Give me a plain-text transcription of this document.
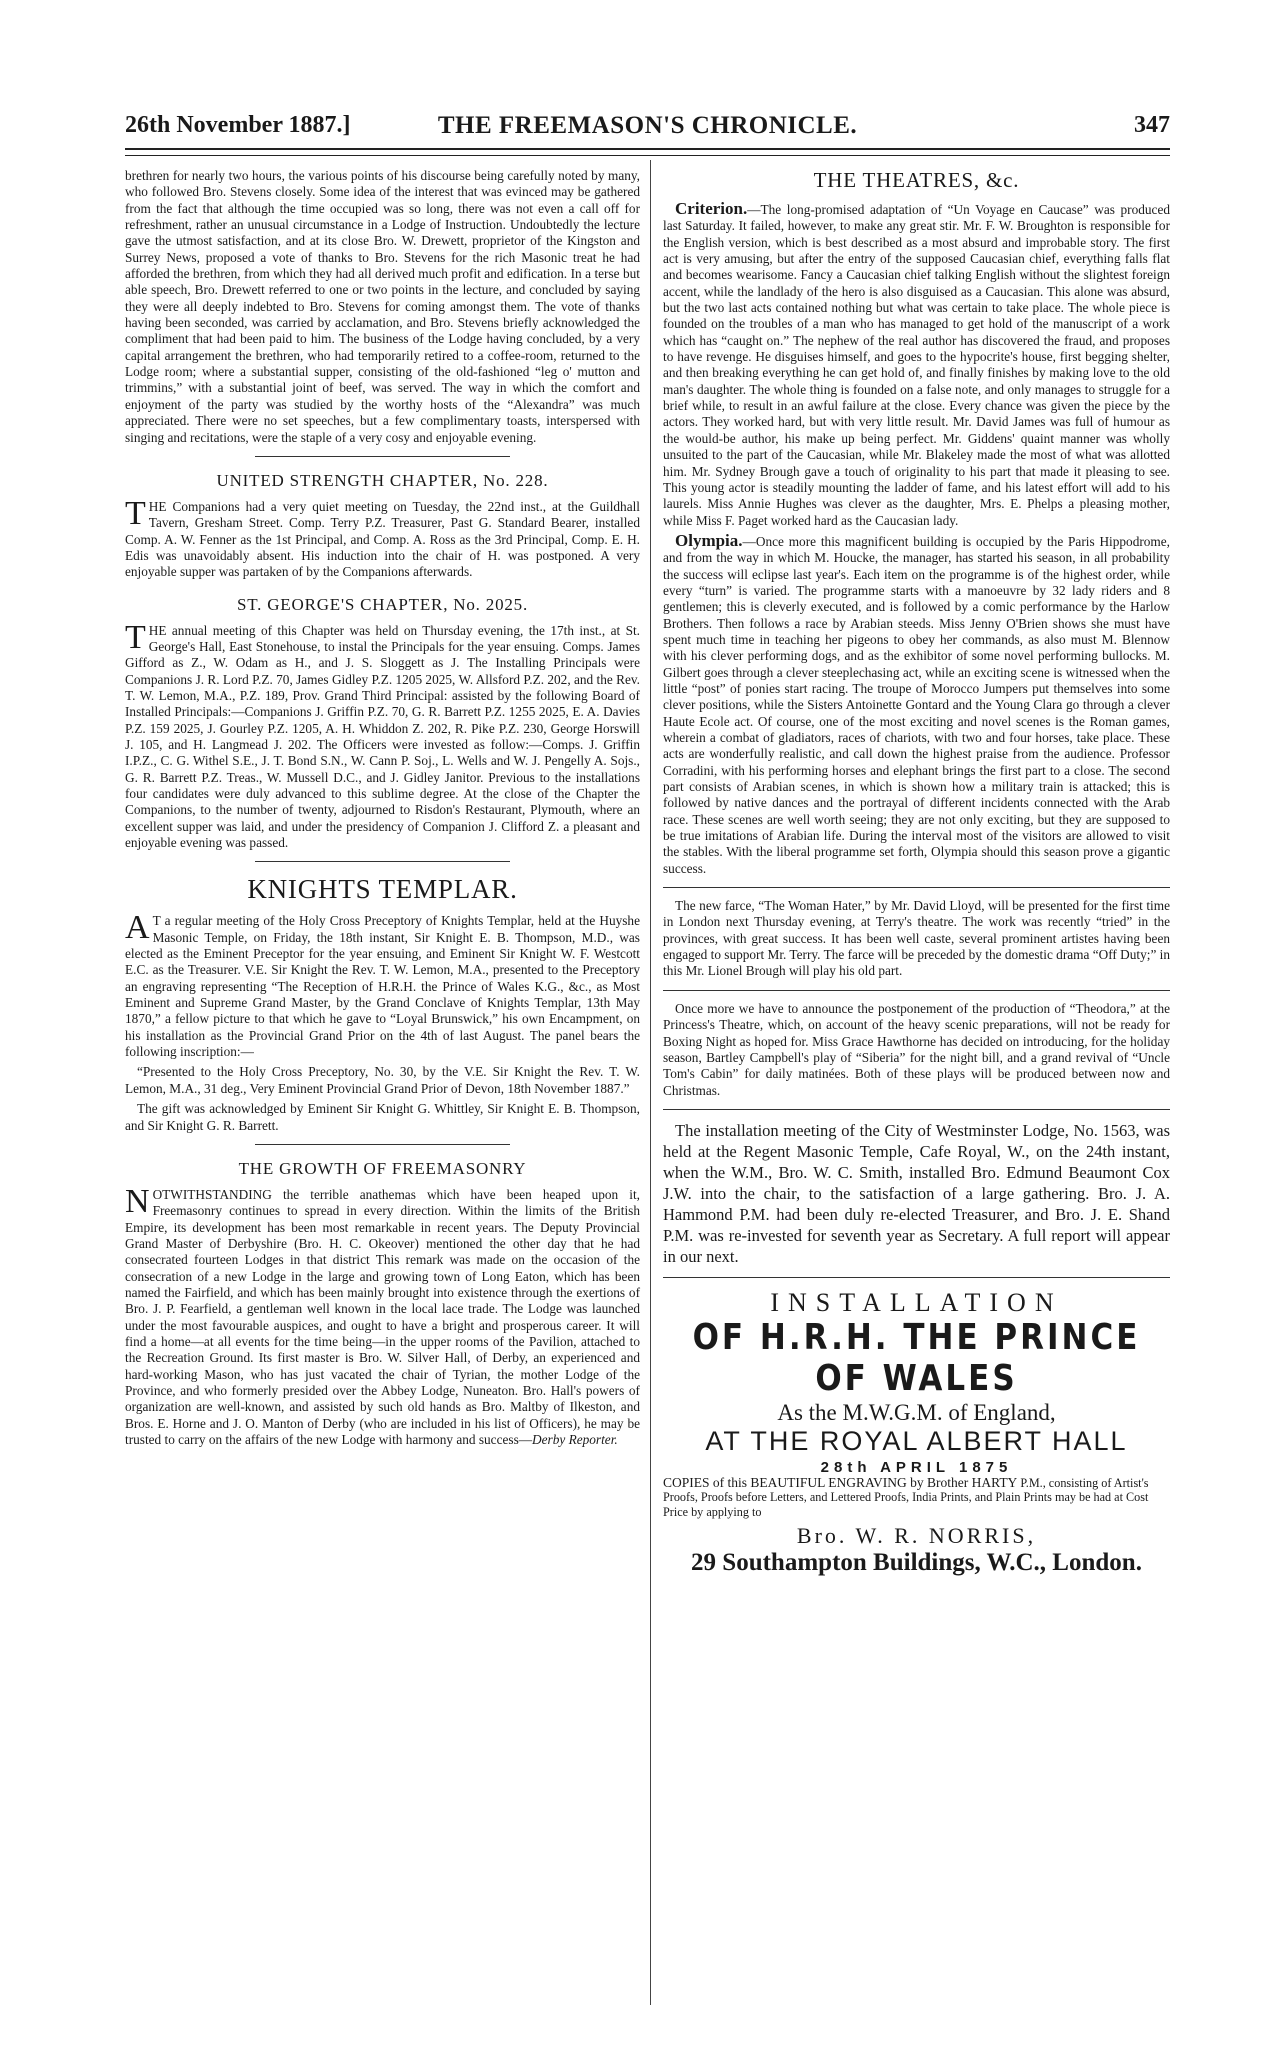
26th November 1887.]	THE FREEMASON'S CHRONICLE.	347

brethren for nearly two hours, the various points of his discourse being carefully noted by many, who followed Bro. Stevens closely. Some idea of the interest that was evinced may be gathered from the fact that although the time occupied was so long, there was not even a call off for refreshment, rather an unusual circumstance in a Lodge of Instruction. Undoubtedly the lecture gave the utmost satisfaction, and at its close Bro. W. Drewett, proprietor of the Kingston and Surrey News, proposed a vote of thanks to Bro. Stevens for the rich Masonic treat he had afforded the brethren, from which they had all derived much profit and edification. In a terse but able speech, Bro. Drewett referred to one or two points in the lecture, and concluded by saying they were all deeply indebted to Bro. Stevens for coming amongst them. The vote of thanks having been seconded, was carried by acclamation, and Bro. Stevens briefly acknowledged the compliment that had been paid to him. The business of the Lodge having concluded, by a very capital arrangement the brethren, who had temporarily retired to a coffee-room, returned to the Lodge room; where a substantial supper, consisting of the old-fashioned “leg o' mutton and trimmins,” with a substantial joint of beef, was served. The way in which the comfort and enjoyment of the party was studied by the worthy hosts of the “Alexandra” was much appreciated. There were no set speeches, but a few complimentary toasts, interspersed with singing and recitations, were the staple of a very cosy and enjoyable evening.

UNITED STRENGTH CHAPTER, No. 228.

THE Companions had a very quiet meeting on Tuesday, the 22nd inst., at the Guildhall Tavern, Gresham Street. Comp. Terry P.Z. Treasurer, Past G. Standard Bearer, installed Comp. A. W. Fenner as the 1st Principal, and Comp. A. Ross as the 3rd Principal, Comp. E. H. Edis was unavoidably absent. His induction into the chair of H. was postponed. A very enjoyable supper was partaken of by the Companions afterwards.

ST. GEORGE'S CHAPTER, No. 2025.

THE annual meeting of this Chapter was held on Thursday evening, the 17th inst., at St. George's Hall, East Stonehouse, to instal the Principals for the year ensuing. Comps. James Gifford as Z., W. Odam as H., and J. S. Sloggett as J. The Installing Principals were Companions J. R. Lord P.Z. 70, James Gidley P.Z. 1205 2025, W. Allsford P.Z. 202, and the Rev. T. W. Lemon, M.A., P.Z. 189, Prov. Grand Third Principal: assisted by the following Board of Installed Principals:—Companions J. Griffin P.Z. 70, G. R. Barrett P.Z. 1255 2025, E. A. Davies P.Z. 159 2025, J. Gourley P.Z. 1205, A. H. Whiddon Z. 202, R. Pike P.Z. 230, George Horswill J. 105, and H. Langmead J. 202. The Officers were invested as follow:—Comps. J. Griffin I.P.Z., C. G. Withel S.E., J. T. Bond S.N., W. Cann P. Soj., L. Wells and W. J. Pengelly A. Sojs., G. R. Barrett P.Z. Treas., W. Mussell D.C., and J. Gidley Janitor. Previous to the installations four candidates were duly advanced to this sublime degree. At the close of the Chapter the Companions, to the number of twenty, adjourned to Risdon's Restaurant, Plymouth, where an excellent supper was laid, and under the presidency of Companion J. Clifford Z. a pleasant and enjoyable evening was passed.

KNIGHTS TEMPLAR.

A T a regular meeting of the Holy Cross Preceptory of Knights Templar, held at the Huyshe Masonic Temple, on Friday, the 18th instant, Sir Knight E. B. Thompson, M.D., was elected as the Eminent Preceptor for the year ensuing, and Eminent Sir Knight W. F. Westcott E.C. as the Treasurer. V.E. Sir Knight the Rev. T. W. Lemon, M.A., presented to the Preceptory an engraving representing “The Reception of H.R.H. the Prince of Wales K.G., &c., as Most Eminent and Supreme Grand Master, by the Grand Conclave of Knights Templar, 13th May 1870,” a fellow picture to that which he gave to “Loyal Brunswick,” his own Encampment, on his installation as the Provincial Grand Prior on the 4th of last August. The panel bears the following inscription:—

“Presented to the Holy Cross Preceptory, No. 30, by the V.E. Sir Knight the Rev. T. W. Lemon, M.A., 31 deg., Very Eminent Provincial Grand Prior of Devon, 18th November 1887.”

The gift was acknowledged by Eminent Sir Knight G. Whittley, Sir Knight E. B. Thompson, and Sir Knight G. R. Barrett.

THE GROWTH OF FREEMASONRY

NOTWITHSTANDING the terrible anathemas which have been heaped upon it, Freemasonry continues to spread in every direction. Within the limits of the British Empire, its development has been most remarkable in recent years. The Deputy Provincial Grand Master of Derbyshire (Bro. H. C. Okeover) mentioned the other day that he had consecrated fourteen Lodges in that district This remark was made on the occasion of the consecration of a new Lodge in the large and growing town of Long Eaton, which has been named the Fairfield, and which has been mainly brought into existence through the exertions of Bro. J. P. Fearfield, a gentleman well known in the local lace trade. The Lodge was launched under the most favourable auspices, and ought to have a bright and prosperous career. It will find a home—at all events for the time being—in the upper rooms of the Pavilion, attached to the Recreation Ground. Its first master is Bro. W. Silver Hall, of Derby, an experienced and hard-working Mason, who has just vacated the chair of Tyrian, the mother Lodge of the Province, and who formerly presided over the Abbey Lodge, Nuneaton. Bro. Hall's powers of organization are well-known, and assisted by such old hands as Bro. Maltby of Ilkeston, and Bros. E. Horne and J. O. Manton of Derby (who are included in his list of Officers), he may be trusted to carry on the affairs of the new Lodge with harmony and success—Derby Reporter.

THE THEATRES, &c.

Criterion.—The long-promised adaptation of “Un Voyage en Caucase” was produced last Saturday. It failed, however, to make any great stir. Mr. F. W. Broughton is responsible for the English version, which is best described as a most absurd and improbable story. The first act is very amusing, but after the entry of the supposed Caucasian chief, everything falls flat and becomes wearisome. Fancy a Caucasian chief talking English without the slightest foreign accent, while the landlady of the hero is also disguised as a Caucasian. This alone was absurd, but the two last acts contained nothing but what was certain to take place. The whole piece is founded on the troubles of a man who has managed to get hold of the manuscript of a work which has “caught on.” The nephew of the real author has discovered the fraud, and proposes to have revenge. He disguises himself, and goes to the hypocrite's house, first begging shelter, and then breaking everything he can get hold of, and finally finishes by making love to the old man's daughter. The whole thing is founded on a false note, and only manages to struggle for a brief while, to result in an awful failure at the close. Every chance was given the piece by the actors. They worked hard, but with very little result. Mr. David James was full of humour as the would-be author, his make up being perfect. Mr. Giddens' quaint manner was wholly unsuited to the part of the Caucasian, while Mr. Blakeley made the most of what was allotted him. Mr. Sydney Brough gave a touch of originality to his part that made it pleasing to see. This young actor is steadily mounting the ladder of fame, and his latest effort will add to his laurels. Miss Annie Hughes was clever as the daughter, Mrs. E. Phelps a pleasing mother, while Miss F. Paget worked hard as the Caucasian lady.

Olympia.—Once more this magnificent building is occupied by the Paris Hippodrome, and from the way in which M. Houcke, the manager, has started his season, in all probability the success will eclipse last year's. Each item on the programme is of the highest order, while every “turn” is varied. The programme starts with a manoeuvre by 32 lady riders and 8 gentlemen; this is cleverly executed, and is followed by a comic performance by the Harlow Brothers. Then follows a race by Arabian steeds. Miss Jenny O'Brien shows she must have spent much time in teaching her pigeons to obey her commands, as also must M. Blennow with his clever performing dogs, and as the exhibitor of some novel performing bullocks. M. Gilbert goes through a clever steeplechasing act, while an exciting scene is witnessed when the little “post” of ponies start racing. The troupe of Morocco Jumpers put themselves into some clever positions, while the Sisters Antoinette Gontard and the Young Clara go through a clever Haute Ecole act. Of course, one of the most exciting and novel scenes is the Roman games, wherein a combat of gladiators, races of chariots, with two and four horses, take place. These acts are wonderfully realistic, and call down the highest praise from the audience. Professor Corradini, with his performing horses and elephant brings the first part to a close. The second part consists of Arabian scenes, in which is shown how a military train is attacked; this is followed by native dances and the portrayal of different incidents connected with the Arab race. These scenes are well worth seeing; they are not only exciting, but they are supposed to be true imitations of Arabian life. During the interval most of the visitors are allowed to visit the stables. With the liberal programme set forth, Olympia should this season prove a gigantic success.

The new farce, “The Woman Hater,” by Mr. David Lloyd, will be presented for the first time in London next Thursday evening, at Terry's theatre. The work was recently “tried” in the provinces, with great success. It has been well caste, several prominent artistes having been engaged to support Mr. Terry. The farce will be preceded by the domestic drama “Off Duty;” in this Mr. Lionel Brough will play his old part.

Once more we have to announce the postponement of the production of “Theodora,” at the Princess's Theatre, which, on account of the heavy scenic preparations, will not be ready for Boxing Night as hoped for. Miss Grace Hawthorne has decided on introducing, for the holiday season, Bartley Campbell's play of “Siberia” for the night bill, and a grand revival of “Uncle Tom's Cabin” for daily matinées. Both of these plays will be produced between now and Christmas.

The installation meeting of the City of Westminster Lodge, No. 1563, was held at the Regent Masonic Temple, Cafe Royal, W., on the 24th instant, when the W.M., Bro. W. C. Smith, installed Bro. Edmund Beaumont Cox J.W. into the chair, to the satisfaction of a large gathering. Bro. J. A. Hammond P.M. had been duly re-elected Treasurer, and Bro. J. E. Shand P.M. was re-invested for seventh year as Secretary. A full report will appear in our next.

INSTALLATION
OF H.R.H. THE PRINCE OF WALES
As the M.W.G.M. of England,
AT THE ROYAL ALBERT HALL
28th APRIL 1875

COPIES of this BEAUTIFUL ENGRAVING by Brother HARTY P.M., consisting of Artist's Proofs, Proofs before Letters, and Lettered Proofs, India Prints, and Plain Prints may be had at Cost Price by applying to

Bro. W. R. NORRIS,
29 Southampton Buildings, W.C., London.
